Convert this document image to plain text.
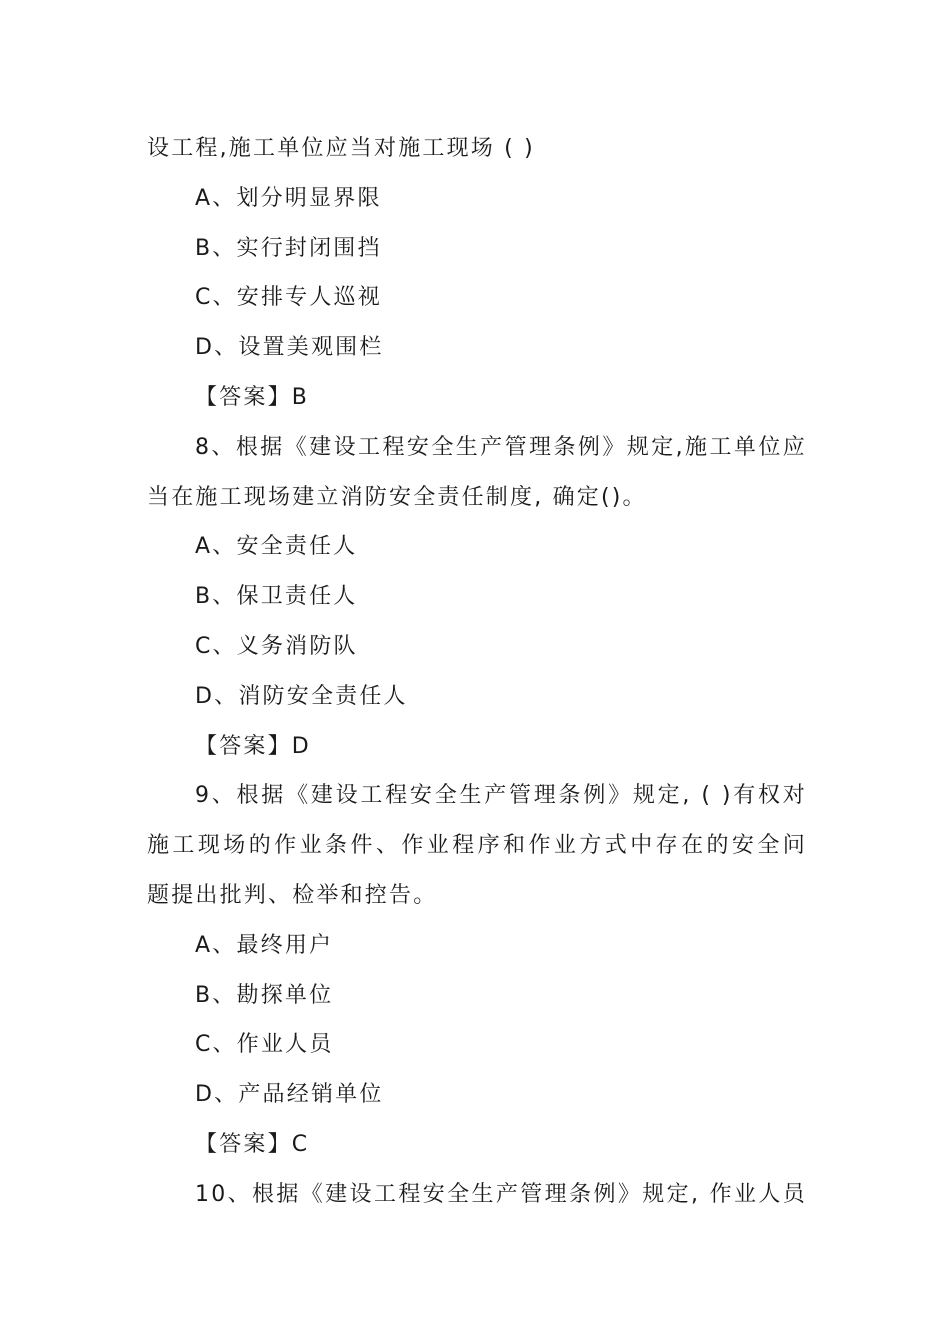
设工程,施工单位应当对施工现场 ( )
A、划分明显界限
B、实行封闭围挡
C、安排专人巡视
D、设置美观围栏
【答案】B
8、根据《建设工程安全生产管理条例》规定,施工单位应
当在施工现场建立消防安全责任制度, 确定()。
A、安全责任人
B、保卫责任人
C、义务消防队
D、消防安全责任人
【答案】D
9、根据《建设工程安全生产管理条例》规定, ( )有权对
施工现场的作业条件、作业程序和作业方式中存在的安全问
题提出批判、检举和控告。
A、最终用户
B、勘探单位
C、作业人员
D、产品经销单位
【答案】C
10、根据《建设工程安全生产管理条例》规定, 作业人员
